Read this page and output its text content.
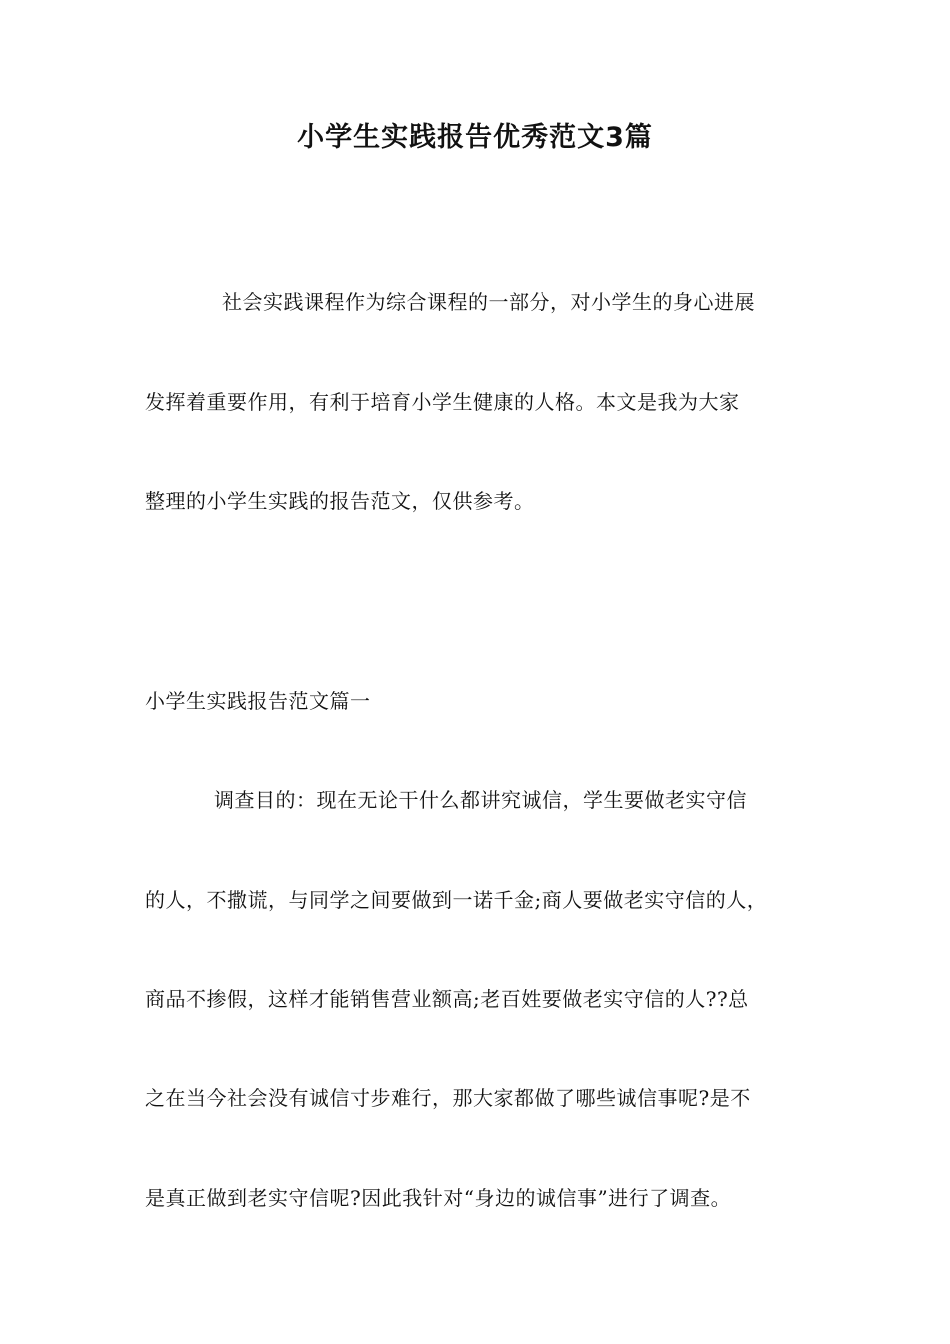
小学生实践报告优秀范文3篇
社会实践课程作为综合课程的一部分，对小学生的身心进展
发挥着重要作用，有利于培育小学生健康的人格。本文是我为大家
整理的小学生实践的报告范文，仅供参考。
小学生实践报告范文篇一
调查目的：现在无论干什么都讲究诚信，学生要做老实守信
的人，不撒谎，与同学之间要做到一诺千金;商人要做老实守信的人，
商品不掺假，这样才能销售营业额高;老百姓要做老实守信的人??总
之在当今社会没有诚信寸步难行，那大家都做了哪些诚信事呢?是不
是真正做到老实守信呢?因此我针对“身边的诚信事”进行了调查。
